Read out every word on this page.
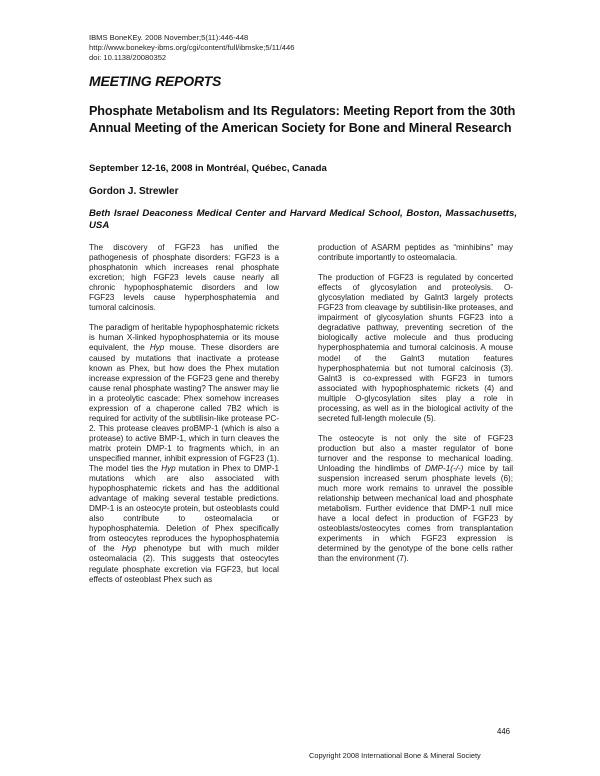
IBMS BoneKEy. 2008 November;5(11):446-448
http://www.bonekey-ibms.org/cgi/content/full/ibmske;5/11/446
doi: 10.1138/20080352
MEETING REPORTS
Phosphate Metabolism and Its Regulators: Meeting Report from the 30th Annual Meeting of the American Society for Bone and Mineral Research
September 12-16, 2008 in Montréal, Québec, Canada
Gordon J. Strewler
Beth Israel Deaconess Medical Center and Harvard Medical School, Boston, Massachusetts, USA

The discovery of FGF23 has unified the pathogenesis of phosphate disorders: FGF23 is a phosphatonin which increases renal phosphate excretion; high FGF23 levels cause nearly all chronic hypophosphatemic disorders and low FGF23 levels cause hyperphosphatemia and tumoral calcinosis.

The paradigm of heritable hypophosphatemic rickets is human X-linked hypophosphatemia or its mouse equivalent, the Hyp mouse. These disorders are caused by mutations that inactivate a protease known as Phex, but how does the Phex mutation increase expression of the FGF23 gene and thereby cause renal phosphate wasting? The answer may lie in a proteolytic cascade: Phex somehow increases expression of a chaperone called 7B2 which is required for activity of the subtilisin-like protease PC-2. This protease cleaves proBMP-1 (which is also a protease) to active BMP-1, which in turn cleaves the matrix protein DMP-1 to fragments which, in an unspecified manner, inhibit expression of FGF23 (1). The model ties the Hyp mutation in Phex to DMP-1 mutations which are also associated with hypophosphatemic rickets and has the additional advantage of making several testable predictions. DMP-1 is an osteocyte protein, but osteoblasts could also contribute to osteomalacia or hypophosphatemia. Deletion of Phex specifically from osteocytes reproduces the hypophosphatemia of the Hyp phenotype but with much milder osteomalacia (2). This suggests that osteocytes regulate phosphate excretion via FGF23, but local effects of osteoblast Phex such as

production of ASARM peptides as “minhibins” may contribute importantly to osteomalacia.

The production of FGF23 is regulated by concerted effects of glycosylation and proteolysis. O-glycosylation mediated by Galnt3 largely protects FGF23 from cleavage by subtilisin-like proteases, and impairment of glycosylation shunts FGF23 into a degradative pathway, preventing secretion of the biologically active molecule and thus producing hyperphosphatemia and tumoral calcinosis. A mouse model of the Galnt3 mutation features hyperphosphatemia but not tumoral calcinosis (3). Galnt3 is co-expressed with FGF23 in tumors associated with hypophosphatemic rickets (4) and multiple O-glycosylation sites play a role in processing, as well as in the biological activity of the secreted full-length molecule (5).

The osteocyte is not only the site of FGF23 production but also a master regulator of bone turnover and the response to mechanical loading. Unloading the hindlimbs of DMP-1(-/-) mice by tail suspension increased serum phosphate levels (6); much more work remains to unravel the possible relationship between mechanical load and phosphate metabolism. Further evidence that DMP-1 null mice have a local defect in production of FGF23 by osteoblasts/osteocytes comes from transplantation experiments in which FGF23 expression is determined by the genotype of the bone cells rather than the environment (7).

446
Copyright 2008 International Bone & Mineral Society
